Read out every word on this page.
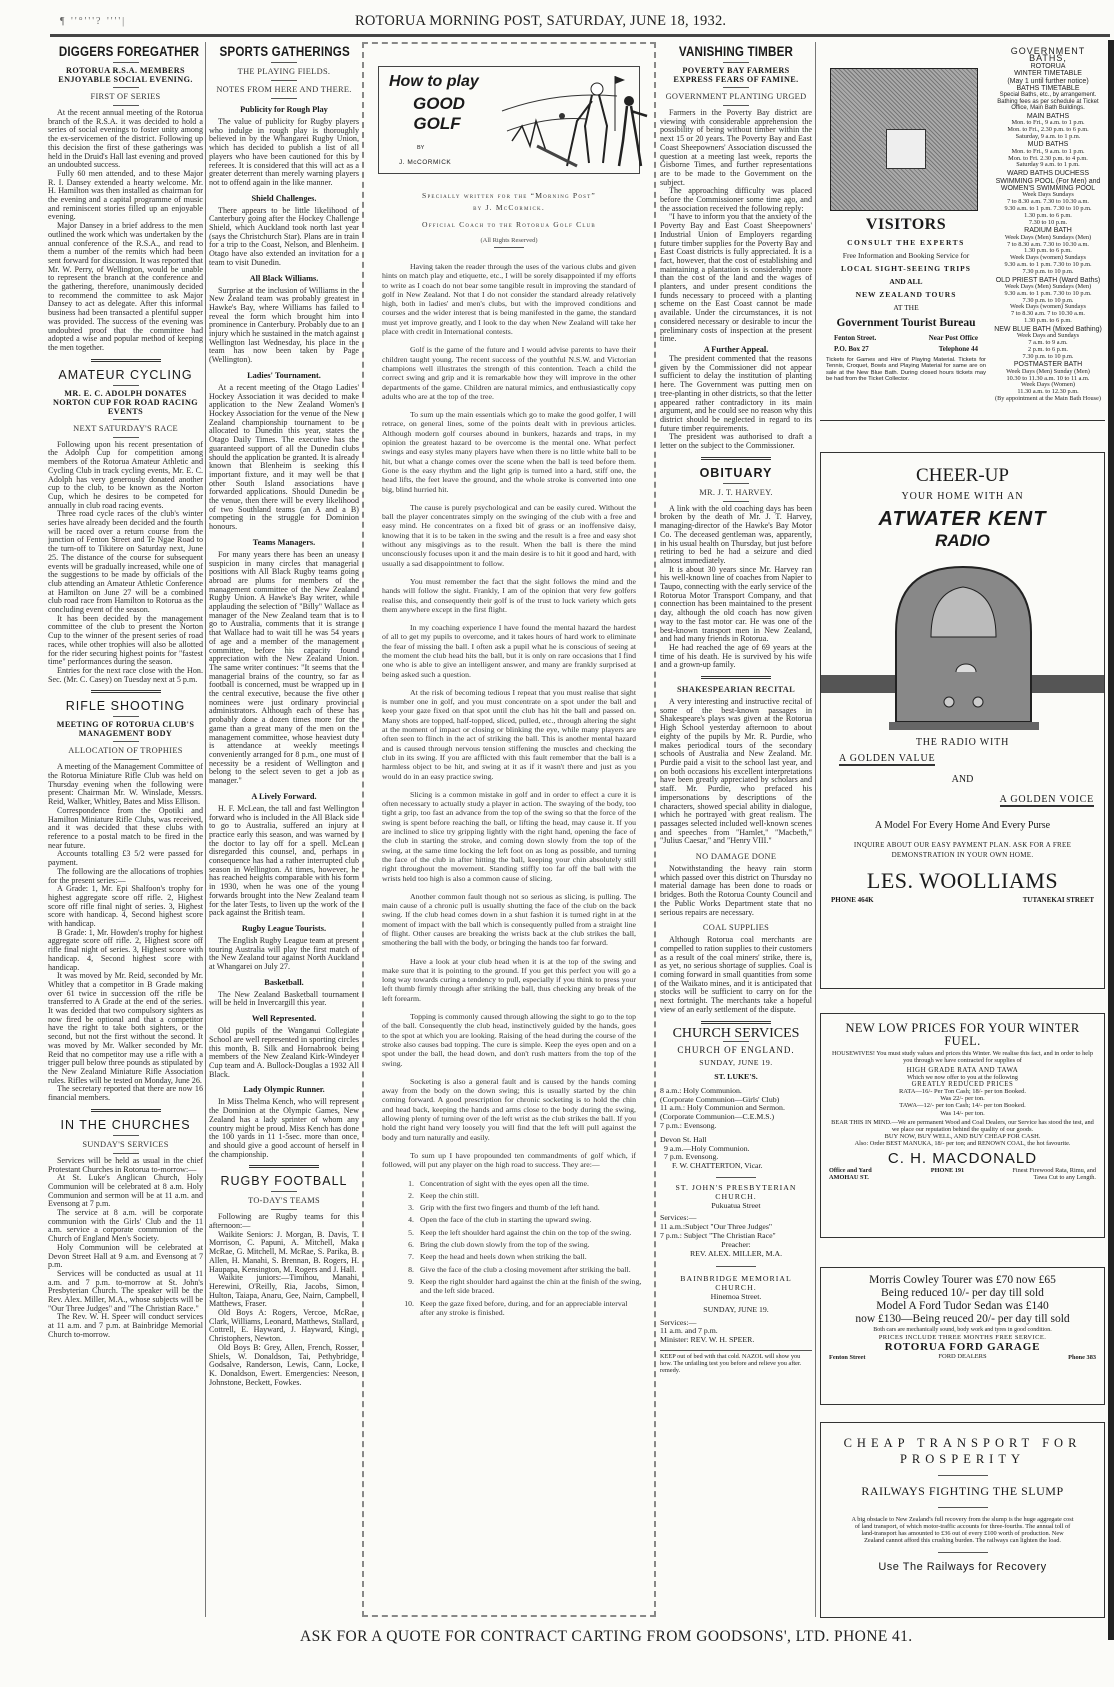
¶ ''°'''? ''''|	ROTORUA MORNING POST, SATURDAY, JUNE 18, 1932.
DIGGERS FOREGATHER
ROTORUA R.S.A. MEMBERS ENJOYABLE SOCIAL EVENING.
FIRST OF SERIES

At the recent annual meeting of the Rotorua branch of the R.S.A. it was decided to hold a series of social evenings to foster unity among the ex-servicemen of the district. Following up this decision the first of these gatherings was held in the Druid's Hall last evening and proved an undoubted success.

Fully 60 men attended, and to these Major R. I. Dansey extended a hearty welcome. Mr. H. Hamilton was then installed as chairman for the evening and a capital programme of music and reminiscent stories filled up an enjoyable evening.

Major Dansey in a brief address to the men outlined the work which was undertaken by the annual conference of the R.S.A., and read to them a number of the remits which had been sent forward for discussion. It was reported that Mr. W. Perry, of Wellington, would be unable to represent the branch at the conference and the gathering, therefore, unanimously decided to recommend the committee to ask Major Dansey to act as delegate. After this informal business had been transacted a plentiful supper was provided. The success of the evening was undoubted proof that the committee had adopted a wise and popular method of keeping the men together.

AMATEUR CYCLING
MR. E. C. ADOLPH DONATES NORTON CUP FOR ROAD RACING EVENTS
NEXT SATURDAY'S RACE

Following upon his recent presentation of the Adolph Cup for competition among members of the Rotorua Amateur Athletic and Cycling Club in track cycling events, Mr. E. C. Adolph has very generously donated another cup to the club, to be known as the Norton Cup, which he desires to be competed for annually in club road racing events.

Three road cycle races of the club's winter series have already been decided and the fourth will be raced over a return course from the junction of Fenton Street and Te Ngae Road to the turn-off to Tikitere on Saturday next, June 25. The distance of the course for subsequent events will be gradually increased, while one of the suggestions to be made by officials of the club attending an Amateur Athletic Conference at Hamilton on June 27 will be a combined club road race from Hamilton to Rotorua as the concluding event of the season.

It has been decided by the management committee of the club to present the Norton Cup to the winner of the present series of road races, while other trophies will also be allotted for the rider securing highest points for "fastest time" performances during the season.

Entries for the next race close with the Hon. Sec. (Mr. C. Casey) on Tuesday next at 5 p.m.

RIFLE SHOOTING
MEETING OF ROTORUA CLUB'S MANAGEMENT BODY
ALLOCATION OF TROPHIES

A meeting of the Management Committee of the Rotorua Miniature Rifle Club was held on Thursday evening when the following were present: Chairman Mr. W. Winslade, Messrs. Reid, Walker, Whitley, Bates and Miss Ellison.

Correspondence from the Opotiki and Hamilton Miniature Rifle Clubs, was received, and it was decided that these clubs with reference to a postal match to be fired in the near future.

Accounts totalling £3 5/2 were passed for payment.

The following are the allocations of trophies for the present series:—

A Grade: 1, Mr. Epi Shalfoon's trophy for highest aggregate score off rifle. 2, Highest score off rifle final night of series. 3, Highest score with handicap. 4, Second highest score with handicap.

B Grade: 1, Mr. Howden's trophy for highest aggregate score off rifle. 2, Highest score off rifle final night of series. 3, Highest score with handicap. 4, Second highest score with handicap.

It was moved by Mr. Reid, seconded by Mr. Whitley that a competitor in B Grade making over 61 twice in succession off the rifle be transferred to A Grade at the end of the series. It was decided that two compulsory sighters as now fired be optional and that a competitor have the right to take both sighters, or the second, but not the first without the second. It was moved by Mr. Walker seconded by Mr. Reid that no competitor may use a rifle with a trigger pull below three pounds as stipulated by the New Zealand Miniature Rifle Association rules. Rifles will be tested on Monday, June 26.

The secretary reported that there are now 16 financial members.

IN THE CHURCHES
SUNDAY'S SERVICES

Services will be held as usual in the chief Protestant Churches in Rotorua to-morrow:—

At St. Luke's Anglican Church, Holy Communion will be celebrated at 8 a.m. Holy Communion and sermon will be at 11 a.m. and Evensong at 7 p.m.

The service at 8 a.m. will be corporate communion with the Girls' Club and the 11 a.m. service a corporate communion of the Church of England Men's Society.

Holy Communion will be celebrated at Devon Street Hall at 9 a.m. and Evensong at 7 p.m.

Services will be conducted as usual at 11 a.m. and 7 p.m. to-morrow at St. John's Presbyterian Church. The speaker will be the Rev. Alex. Miller, M.A., whose subjects will be "Our Three Judges" and "The Christian Race."

The Rev. W. H. Speer will conduct services at 11 a.m. and 7 p.m. at Bainbridge Memorial Church to-morrow.

SPORTS GATHERINGS
THE PLAYING FIELDS.
NOTES FROM HERE AND THERE.
Publicity for Rough Play

The value of publicity for Rugby players who indulge in rough play is thoroughly believed in by the Whangarei Rugby Union, which has decided to publish a list of all players who have been cautioned for this by referees. It is considered that this will act as a greater deterrent than merely warning players not to offend again in the like manner.

Shield Challenges.

There appears to be little likelihood of Canterbury going after the Hockey Challenge Shield, which Auckland took north last year (says the Christchurch Star). Plans are in train for a trip to the Coast, Nelson, and Blenheim. Otago have also extended an invitation for a team to visit Dunedin.

All Black Williams.

Surprise at the inclusion of Williams in the New Zealand team was probably greatest in Hawke's Bay, where Williams has failed to reveal the form which brought him into prominence in Canterbury. Probably due to an injury which he sustained in the match against Wellington last Wednesday, his place in the team has now been taken by Page (Wellington).

Ladies' Tournament.

At a recent meeting of the Otago Ladies' Hockey Association it was decided to make application to the New Zealand Women's Hockey Association for the venue of the New Zealand championship tournament to be allocated to Dunedin this year, states the Otago Daily Times. The executive has the guaranteed support of all the Dunedin clubs should the application be granted. It is already known that Blenheim is seeking this important fixture, and it may well be that other South Island associations have forwarded applications. Should Dunedin be the venue, then there will be every likelihood of two Southland teams (an A and a B) competing in the struggle for Dominion honours.

Teams Managers.

For many years there has been an uneasy suspicion in many circles that managerial positions with All Black Rugby teams going abroad are plums for members of the management committee of the New Zealand Rugby Union. A Hawke's Bay writer, while applauding the selection of "Billy" Wallace as manager of the New Zealand team that is to go to Australia, comments that it is strange that Wallace had to wait till he was 54 years of age and a member of the management committee, before his capacity found appreciation with the New Zealand Union. The same writer continues: "It seems that the managerial brains of the country, so far as football is concerned, must be wrapped up in the central executive, because the five other nominees were just ordinary provincial administrators. Although each of these has probably done a dozen times more for the game than a great many of the men on the management committee, whose heaviest duty is attendance at weekly meetings conveniently arranged for 8 p.m., one must of necessity be a resident of Wellington and belong to the select seven to get a job as manager."

A Lively Forward.

H. F. McLean, the tall and fast Wellington forward who is included in the All Black side to go to Australia, suffered an injury at practice early this season, and was warned by the doctor to lay off for a spell. McLean disregarded this counsel, and, perhaps in consequence has had a rather interrupted club season in Wellington. At times, however, he has reached heights comparable with his form in 1930, when he was one of the young forwards brought into the New Zealand team for the later Tests, to liven up the work of the pack against the British team.

Rugby League Tourists.

The English Rugby League team at present touring Australia will play the first match of the New Zealand tour against North Auckland at Whangarei on July 27.

Basketball.

The New Zealand Basketball tournament will be held in Invercargill this year.

Well Represented.

Old pupils of the Wanganui Collegiate School are well represented in sporting circles this month, B. Silk and Hornabrook being members of the New Zealand Kirk-Windeyer Cup team and A. Bullock-Douglas a 1932 All Black.

Lady Olympic Runner.

In Miss Thelma Kench, who will represent the Dominion at the Olympic Games, New Zealand has a lady sprinter of whom any country might be proud. Miss Kench has done the 100 yards in 11 1-5sec. more than once, and should give a good account of herself in the championship.

RUGBY FOOTBALL
TO-DAY'S TEAMS

Following are Rugby teams for this afternoon:—

Waikite Seniors: J. Morgan, B. Davis, T. Morrison, C. Papuni, A. Mitchell, Maka McRae, G. Mitchell, M. McRae, S. Parika, B. Allen, H. Manahi, S. Brennan, B. Rogers, H. Haupapa, Kensington, M. Rogers and J. Hall.

Waikite juniors:—Timihou, Manahi, Herewini, O'Reilly, Ria, Jacobs, Simon, Hulton, Taiapa, Anaru, Gee, Nairn, Campbell, Matthews, Fraser.

Old Boys A: Rogers, Vercoe, McRae, Clark, Williams, Leonard, Matthews, Stallard, Cottrell, E. Hayward, J. Hayward, Kingi, Christophers, Newton.

Old Boys B: Grey, Allen, French, Rosser, Shiels, W. Donaldson, Tai, Pethybridge, Godsalve, Randerson, Lewis, Cann, Locke, K. Donaldson, Ewert. Emergencies: Neeson, Johnstone, Beckett, Fowkes.

How to play
GOOD GOLF
BY
J. McCORMICK
Specially written for the “Morning Post”
by J. McCormick.
Official Coach to the Rotorua Golf Club
(All Rights Reserved)

Having taken the reader through the uses of the various clubs and given hints on match play and etiquette, etc., I will be sorely disappointed if my efforts to write as I coach do not bear some tangible result in improving the standard of golf in New Zealand. Not that I do not consider the standard already relatively high, both in ladies' and men's clubs, but with the improved conditions and courses and the wider interest that is being manifested in the game, the standard must yet improve greatly, and I look to the day when New Zealand will take her place with credit in International contests.

Golf is the game of the future and I would advise parents to have their children taught young. The recent success of the youthful N.S.W. and Victorian champions well illustrates the strength of this contention. Teach a child the correct swing and grip and it is remarkable how they will improve in the other departments of the game. Children are natural mimics, and enthusiastically copy adults who are at the top of the tree.

To sum up the main essentials which go to make the good golfer, I will retrace, on general lines, some of the points dealt with in previous articles. Although modern golf courses abound in bunkers, hazards and traps, in my opinion the greatest hazard to be overcome is the mental one. What perfect swings and easy styles many players have when there is no little white ball to be hit, but what a change comes over the scene when the ball is teed before them. Gone is the easy rhythm and the light grip is turned into a hard, stiff one, the head lifts, the feet leave the ground, and the whole stroke is converted into one big, blind hurried hit.

The cause is purely psychological and can be easily cured. Without the ball the player concentrates simply on the swinging of the club with a free and easy mind. He concentrates on a fixed bit of grass or an inoffensive daisy, knowing that it is to be taken in the swing and the result is a free and easy shot without any misgivings as to the result. When the ball is there the mind unconsciously focuses upon it and the main desire is to hit it good and hard, with usually a sad disappointment to follow.

You must remember the fact that the sight follows the mind and the hands will follow the sight. Frankly, I am of the opinion that very few golfers realise this, and consequently their golf is of the trust to luck variety which gets them anywhere except in the first flight.

In my coaching experience I have found the mental hazard the hardest of all to get my pupils to overcome, and it takes hours of hard work to eliminate the fear of missing the ball. I often ask a pupil what he is conscious of seeing at the moment the club head hits the ball, but it is only on rare occasions that I find one who is able to give an intelligent answer, and many are frankly surprised at being asked such a question.

At the risk of becoming tedious I repeat that you must realise that sight is number one in golf, and you must concentrate on a spot under the ball and keep your gaze fixed on that spot until the club has hit the ball and passed on. Many shots are topped, half-topped, sliced, pulled, etc., through altering the sight at the moment of impact or closing or blinking the eye, while many players are often seen to flinch in the act of striking the ball. This is another mental hazard and is caused through nervous tension stiffening the muscles and checking the club in its swing. If you are afflicted with this fault remember that the ball is a harmless object to be hit, and swing at it as if it wasn't there and just as you would do in an easy practice swing.

Slicing is a common mistake in golf and in order to effect a cure it is often necessary to actually study a player in action. The swaying of the body, too tight a grip, too fast an advance from the top of the swing so that the force of the swing is spent before reaching the ball, or lifting the head, may cause it. If you are inclined to slice try gripping lightly with the right hand, opening the face of the club in starting the stroke, and coming down slowly from the top of the swing, at the same time locking the left foot on as long as possible, and turning the face of the club in after hitting the ball, keeping your chin absolutely still right throughout the movement. Standing stiffly too far off the ball with the wrists held too high is also a common cause of slicing.

Another common fault though not so serious as slicing, is pulling. The main cause of a chronic pull is usually shutting the face of the club on the back swing. If the club head comes down in a shut fashion it is turned right in at the moment of impact with the ball which is consequently pulled from a straight line of flight. Other causes are breaking the wrists back at the club strikes the ball, smothering the ball with the body, or bringing the hands too far forward.

Have a look at your club head when it is at the top of the swing and make sure that it is pointing to the ground. If you get this perfect you will go a long way towards curing a tendency to pull, especially if you think to press your left thumb firmly through after striking the ball, thus checking any break of the left forearm.

Topping is commonly caused through allowing the sight to go to the top of the ball. Consequently the club head, instinctively guided by the hands, goes to the spot at which you are looking. Raising of the head during the course of the stroke also causes bad topping. The cure is simple. Keep the eyes open and on a spot under the ball, the head down, and don't rush matters from the top of the swing.

Socketing is also a general fault and is caused by the hands coming away from the body on the down swing; this is usually started by the chin coming forward. A good prescription for chronic socketing is to hold the chin and head back, keeping the hands and arms close to the body during the swing, allowing plenty of turning over of the left wrist as the club strikes the ball. If you hold the right hand very loosely you will find that the left will pull against the body and turn naturally and easily.

To sum up I have propounded ten commandments of golf which, if followed, will put any player on the high road to success. They are:—

1. Concentration of sight with the eyes open all the time.
2. Keep the chin still.
3. Grip with the first two fingers and thumb of the left hand.
4. Open the face of the club in starting the upward swing.
5. Keep the left shoulder hard against the chin on the top of the swing.
6. Bring the club down slowly from the top of the swing.
7. Keep the head and heels down when striking the ball.
8. Give the face of the club a closing movement after striking the ball.
9. Keep the right shoulder hard against the chin at the finish of the swing, and the left side braced.
10. Keep the gaze fixed before, during, and for an appreciable interval after any stroke is finished.
VANISHING TIMBER
POVERTY BAY FARMERS EXPRESS FEARS OF FAMINE.
GOVERNMENT PLANTING URGED

Farmers in the Poverty Bay district are viewing with considerable apprehension the possibility of being without timber within the next 15 or 20 years. The Poverty Bay and East Coast Sheepowners' Association discussed the question at a meeting last week, reports the Gisborne Times, and further representations are to be made to the Government on the subject.

The approaching difficulty was placed before the Commissioner some time ago, and the association received the following reply:

"I have to inform you that the anxiety of the Poverty Bay and East Coast Sheepowners' Industrial Union of Employers regarding future timber supplies for the Poverty Bay and East Coast districts is fully appreciated. It is a fact, however, that the cost of establishing and maintaining a plantation is considerably more than the cost of the land and the wages of planters, and under present conditions the funds necessary to proceed with a planting scheme on the East Coast cannot be made available. Under the circumstances, it is not considered necessary or desirable to incur the preliminary costs of inspection at the present time.

A Further Appeal.

The president commented that the reasons given by the Commissioner did not appear sufficient to delay the institution of planting here. The Government was putting men on tree-planting in other districts, so that the letter appeared rather contradictory in its main argument, and he could see no reason why this district should be neglected in regard to its future timber requirements.

The president was authorised to draft a letter on the subject to the Commissioner.

OBITUARY
MR. J. T. HARVEY.

A link with the old coaching days has been broken by the death of Mr. J. T. Harvey, managing-director of the Hawke's Bay Motor Co. The deceased gentleman was, apparently, in his usual health on Thursday, but just before retiring to bed he had a seizure and died almost immediately.

It is about 30 years since Mr. Harvey ran his well-known line of coaches from Napier to Taupo, connecting with the early service of the Rotorua Motor Transport Company, and that connection has been maintained to the present day, although the old coach has now given way to the fast motor car. He was one of the best-known transport men in New Zealand, and had many friends in Rotorua.

He had reached the age of 69 years at the time of his death. He is survived by his wife and a grown-up family.

SHAKESPEARIAN RECITAL

A very interesting and instructive recital of some of the best-known passages in Shakespeare's plays was given at the Rotorua High School yesterday afternoon to about eighty of the pupils by Mr. R. Purdie, who makes periodical tours of the secondary schools of Australia and New Zealand. Mr. Purdie paid a visit to the school last year, and on both occasions his excellent interpretations have been greatly appreciated by scholars and staff. Mr. Purdie, who prefaced his impersonations by descriptions of the characters, showed special ability in dialogue, which he portrayed with great realism. The passages selected included well-known scenes and speeches from "Hamlet," "Macbeth," "Julius Caesar," and "Henry VIII."

NO DAMAGE DONE

Notwithstanding the heavy rain storm which passed over this district on Thursday no material damage has been done to roads or bridges. Both the Rotorua County Council and the Public Works Department state that no serious repairs are necessary.

COAL SUPPLIES

Although Rotorua coal merchants are compelled to ration supplies to their customers as a result of the coal miners' strike, there is, as yet, no serious shortage of supplies. Coal is coming forward in small quantities from some of the Waikato mines, and it is anticipated that stocks will be sufficient to carry on for the next fortnight. The merchants take a hopeful view of an early settlement of the dispute.

CHURCH SERVICES
CHURCH OF ENGLAND.
SUNDAY, JUNE 19.
ST. LUKE'S.
8 a.m.: Holy Communion.
(Corporate Communion—Girls' Club)
11 a.m.: Holy Communion and Sermon.
(Corporate Communion—C.E.M.S.)
7 p.m.: Evensong.
Devon St. Hall
9 a.m.—Holy Communion.
7 p.m. Evensong.
F. W. CHATTERTON, Vicar.
ST. JOHN'S PRESBYTERIAN CHURCH.
Pukuatua Street
Services:—
11 a.m.:Subject "Our Three Judges"
7 p.m.: Subject "The Christian Race"
Preacher:
REV. ALEX. MILLER, M.A.
BAINBRIDGE MEMORIAL CHURCH.
Hinemoa Street.
SUNDAY, JUNE 19.
Services:—
11 a.m. and 7 p.m.
Minister: REV. W. H. SPEER.
KEEP out of bed with that cold. NAZOL will show you how. The unfailing test you before and relieve you after. remedy.
VISITORS
CONSULT THE EXPERTS
Free Information and Booking Service for
LOCAL SIGHT-SEEING TRIPS
AND ALL
NEW ZEALAND TOURS
AT THE
Government Tourist Bureau
Fenton Street.	Near Post Office
P.O. Box 27	Telephone 44
Tickets for Games and Hire of Playing Material. Tickets for Tennis, Croquet, Bowls and Playing Material for same are on sale at the New Blue Bath. During closed hours tickets may be had from the Ticket Collector.
GOVERNMENT BATHS,
ROTORUA
WINTER TIMETABLE
(May 1 until further notice)
BATHS TIMETABLE
Special Baths, etc., by arrangement. Bathing fees as per schedule at Ticket Office, Main Bath Buildings.
MAIN BATHS
Mon. to Fri., 9 a.m. to 1 p.m.
Mon. to Fri., 2.30 p.m. to 6 p.m.
Saturday, 9 a.m. to 1 p.m.
MUD BATHS
Mon. to Fri., 9 a.m. to 1 p.m.
Mon. to Fri. 2.30 p.m. to 4 p.m.
Saturday 9 a.m. to 1 p.m.
WARD BATHS DUCHESS SWIMMING POOL (For Men) and WOMEN'S SWIMMING POOL
Week Days Sundays
7 to 8.30 a.m. 7.30 to 10.30 a.m.
9.30 a.m. to 1 p.m. 7.30 to 10 p.m.
1.30 p.m. to 6 p.m.
7.30 to 10 p.m.
RADIUM BATH
Week Days (Men) Sundays (Men)
7 to 8.30 a.m. 7.30 to 10.30 a.m.
1.30 p.m. to 6 p.m.
Week Days (women) Sundays
9.30 a.m. to 1 p.m. 7.30 to 10 p.m.
7.30 p.m. to 10 p.m.
OLD PRIEST BATH (Ward Baths)
Week Days (Men) Sundays (Men)
9.30 a.m. to 1 p.m. 7.30 to 10 p.m.
7.30 p.m. to 10 p.m.
Week Days (women) Sundays
7 to 8.30 a.m. 7 to 10.30 a.m.
1.30 p.m. to 6 p.m.
NEW BLUE BATH (Mixed Bathing)
Week Days and Sundays
7 a.m. to 9 a.m.
2 p.m. to 6 p.m.
7.30 p.m. to 10 p.m.
POSTMASTER BATH
Week Days (Men) Sunday (Men)
10.30 to 11.30 a.m. 10 to 11 a.m.
Week Days (Women)
11.30 a.m. to 12.30 p.m.
(By appointment at the Main Bath House)
CHEER-UP
YOUR HOME WITH AN
ATWATER KENT
RADIO
THE RADIO WITH
A GOLDEN VALUE
AND
A GOLDEN VOICE
A Model For Every Home And Every Purse
INQUIRE ABOUT OUR EASY PAYMENT PLAN. ASK FOR A FREE DEMONSTRATION IN YOUR OWN HOME.
LES. WOOLLIAMS
PHONE 464K	TUTANEKAI STREET
NEW LOW PRICES FOR YOUR WINTER FUEL.
HOUSEWIVES! You must study values and prices this Winter. We realise this fact, and in order to help you through we have contracted for supplies of
HIGH GRADE RATA AND TAWA
Which we now offer to you at the following
GREATLY REDUCED PRICES
RATA—16/- Per Ton Cash; 18/- per ton Booked.
Was 22/- per ton.
TAWA—12/- per ton Cash; 14/- per ton Booked.
Was 14/- per ton.
BEAR THIS IN MIND.—We are permanent Wood and Coal Dealers, our Service has stood the test, and we place our reputation behind the quality of our goods.
BUY NOW, BUY WELL, AND BUY CHEAP FOR CASH.
Also: Order BEST MANUKA, 18/- per ton; and RENOWN COAL, the hot favourite.
C. H. MACDONALD
Office and Yard AMOHAU ST.
PHONE 191	Finest Firewood Rata, Rimu, and Tawa Cut to any Length.
Morris Cowley Tourer was £70 now £65
Being reduced 10/- per day till sold
Model A Ford Tudor Sedan was £140
now £130—Being reuced 20/- per day till sold
Both cars are mechanically sound, body work and tyres in good condition.
PRICES INCLUDE THREE MONTHS FREE SERVICE.
ROTORUA FORD GARAGE
FORD DEALERS
Fenton Street	Phone 383
CHEAP TRANSPORT FOR PROSPERITY
RAILWAYS FIGHTING THE SLUMP
A big obstacle to New Zealand's full recovery from the slump is the huge aggregate cost of land transport, of which motor-traffic accounts for three-fourths. The annual toll of land-transport has amounted to £36 out of every £100 worth of production. New Zealand cannot afford this crushing burden. The railways can lighten the load.
Use The Railways for Recovery
ASK FOR A QUOTE FOR CONTRACT CARTING FROM GOODSONS', LTD. PHONE 41.
